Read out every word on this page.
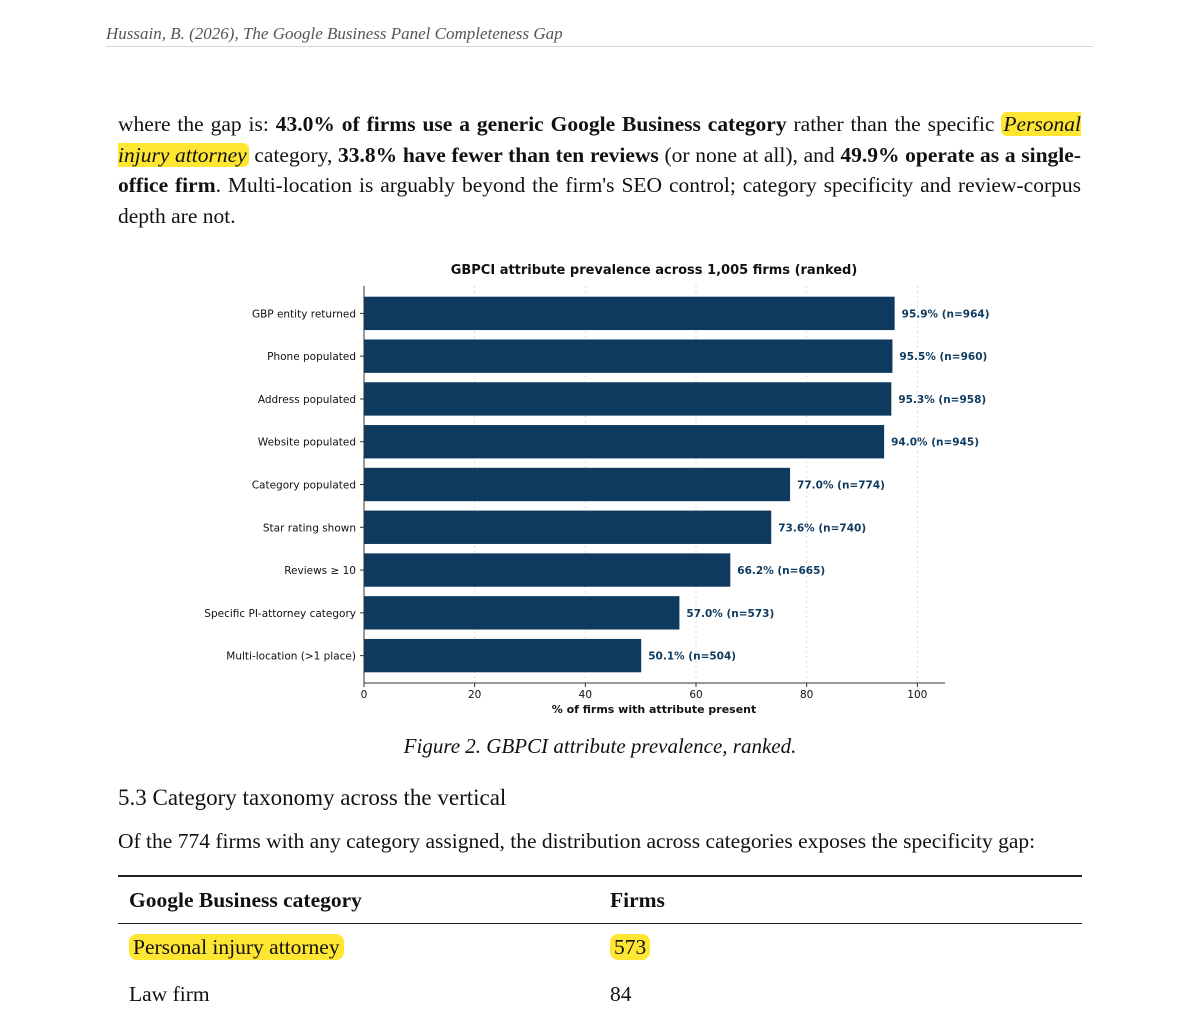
Hussain, B. (2026), The Google Business Panel Completeness Gap

where the gap is: 43.0% of firms use a generic Google Business category rather than the specific Personal injury attorney category, 33.8% have fewer than ten reviews (or none at all), and 49.9% operate as a single-office firm. Multi-location is arguably beyond the firm's SEO control; category specificity and review-corpus depth are not.

GBPCI attribute prevalence across 1,005 firms (ranked)
95.9% (n=964)
95.5% (n=960)
95.3% (n=958)
94.0% (n=945)
77.0% (n=774)
73.6% (n=740)
66.2% (n=665)
57.0% (n=573)
50.1% (n=504)
0	20	40	60	80	100
GBP entity returned
Phone populated
Address populated
Website populated
Category populated
Star rating shown
Reviews ≥ 10
Specific PI-attorney category
Multi-location (>1 place)
% of firms with attribute present

Figure 2. GBPCI attribute prevalence, ranked.

5.3 Category taxonomy across the vertical

Of the 774 firms with any category assigned, the distribution across categories exposes the specificity gap:

Google Business category	Firms
Personal injury attorney	573
Law firm	84
